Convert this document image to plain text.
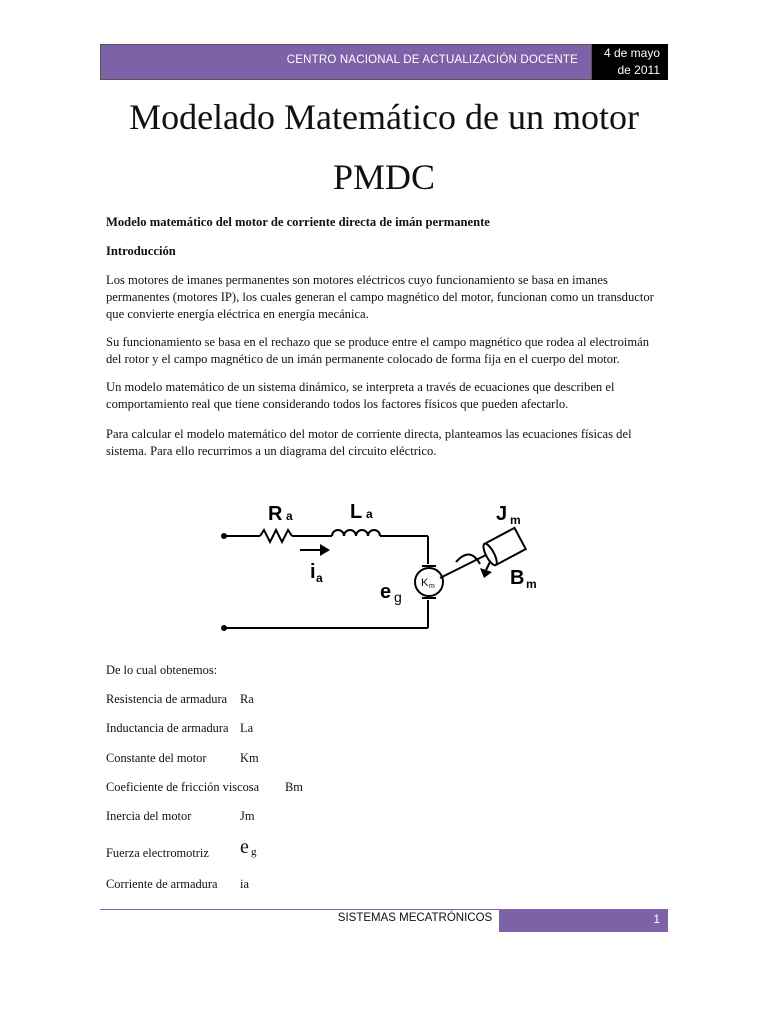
CENTRO NACIONAL DE ACTUALIZACIÓN DOCENTE 4 de mayo
de 2011
Modelado Matemático de un motor
PMDC

Modelo matemático del motor de corriente directa de imán permanente

Introducción

Los motores de imanes permanentes son motores eléctricos cuyo funcionamiento se basa en imanes permanentes (motores IP), los cuales generan el campo magnético del motor, funcionan como un transductor que convierte energía eléctrica en energía mecánica.

Su funcionamiento se basa en el rechazo que se produce entre el campo magnético que rodea al electroimán del rotor y el campo magnético de un imán permanente colocado de forma fija en el cuerpo del motor.

Un modelo matemático de un sistema dinámico, se interpreta a través de ecuaciones que describen el comportamiento real que tiene considerando todos los factores físicos que pueden afectarlo.

Para calcular el modelo matemático del motor de corriente directa, planteamos las ecuaciones físicas del sistema. Para ello recurrimos a un diagrama del circuito eléctrico.

R a	L a
i a
e g
K m
J m
B m
De lo cual obtenemos:
Resistencia de armadura Ra
Inductancia de armadura La
Constante del motor	Km
Coeficiente de fricción viscosa Bm
Inercia del motor	Jm
Fuerza electromotriz e g
Corriente de armadura ia
SISTEMAS MECATRÓNICOS	1
